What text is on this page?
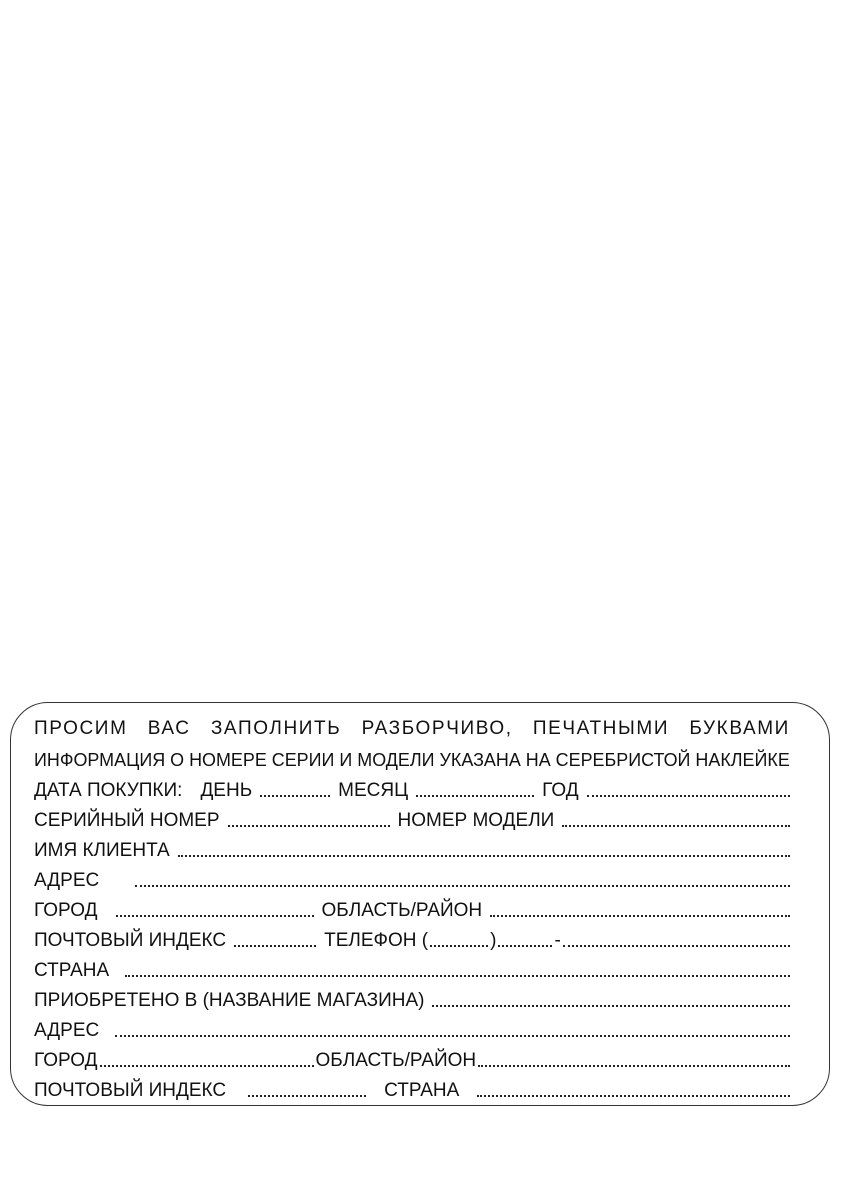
ПРОСИМ ВАС ЗАПОЛНИТЬ РАЗБОРЧИВО, ПЕЧАТНЫМИ БУКВАМИ
ИНФОРМАЦИЯ О НОМЕРЕ СЕРИИ И МОДЕЛИ УКАЗАНА НА СЕРЕБРИСТОЙ НАКЛЕЙКЕ
ДАТА ПОКУПКИ: ДЕНЬ	МЕСЯЦ	ГОД
СЕРИЙНЫЙ НОМЕР	НОМЕР МОДЕЛИ
ИМЯ КЛИЕНТА
АДРЕС
ГОРОД	ОБЛАСТЬ/РАЙОН
ПОЧТОВЫЙ ИНДЕКС	ТЕЛЕФОН (	)	-
СТРАНА
ПРИОБРЕТЕНО В (НАЗВАНИЕ МАГАЗИНА)
АДРЕС
ГОРОД	ОБЛАСТЬ/РАЙОН
ПОЧТОВЫЙ ИНДЕКС	СТРАНА
